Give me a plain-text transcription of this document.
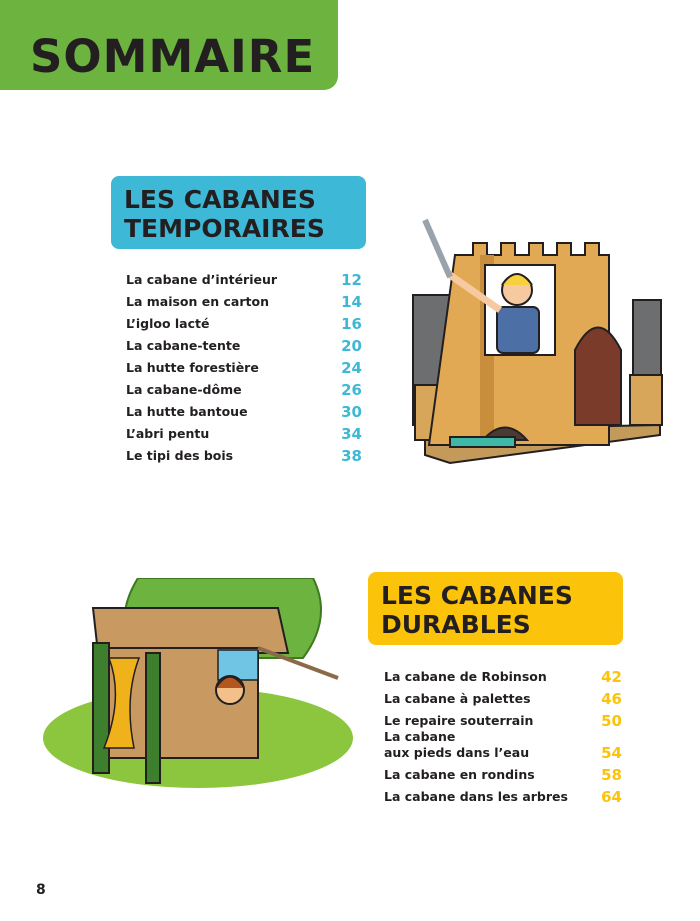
SOMMAIRE
LES CABANES
TEMPORAIRES
La cabane d’intérieur	12
La maison en carton	14
L’igloo lacté	16
La cabane-tente	20
La hutte forestière	24
La cabane-dôme	26
La hutte bantoue	30
L’abri pentu	34
Le tipi des bois	38
LES CABANES
DURABLES
La cabane de Robinson	42
La cabane à palettes	46
Le repaire souterrain	50
La cabane
aux pieds dans l’eau	54
La cabane en rondins	58
La cabane dans les arbres 64
8
